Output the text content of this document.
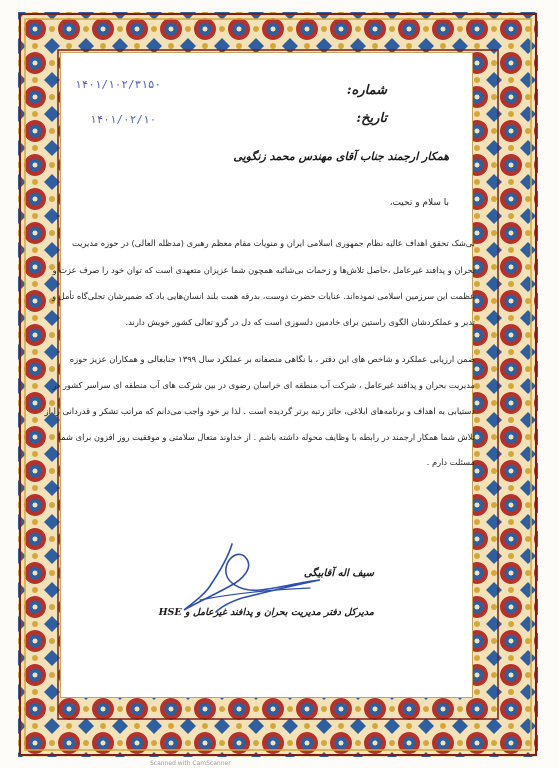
شماره:
۱۴۰۱/۱۰۲/۳۱۵۰
تاریخ:
۱۴۰۱/۰۲/۱۰
همکار ارجمند جناب آقای مهندس محمد زنگویی
با سلام و تحیت،
بی‌شک تحقق اهداف عالیه نظام جمهوری اسلامی ایران و منویات مقام معظم رهبری (مدظله العالی) در حوزه مدیریت
بحران و پدافند غیرعامل ،حاصل تلاش‌ها و زحمات بی‌شائبه همچون شما عزیزان متعهدی است که توان خود را صرف عزت و
عظمت این سرزمین اسلامی نموده‌اند. عنایات حضرت دوست، بدرقه همت بلند انسان‌هایی باد که ضمیرشان تجلی‌گاه تأمل و
تدبر و عملکردشان الگوی راستین برای خادمین دلسوزی است که دل در گرو تعالی کشور خویش دارند.
ضمن ارزیابی عملکرد و شاخص های این دفتر ، با نگاهی منصفانه بر عملکرد سال ۱۳۹۹ جنابعالی و همکاران عزیز حوزه
مدیریت بحران و پدافند غیرعامل ، شرکت آب منطقه ای خراسان رضوی در بین شرکت های آب منطقه ای سراسر کشور در
دستیابی به اهداف و برنامه‌های ابلاغی، حائز رتبه برتر گردیده است . لذا بر خود واجب می‌دانم که مراتب تشکر و قدردانی را از
تلاش شما همکار ارجمند در رابطه با وظایف محوله داشته باشم . از خداوند متعال سلامتی و موفقیت روز افزون برای شما
مسئلت دارم .
سیف اله آقابیگی
مدیرکل دفتر مدیریت بحران و پدافند غیرعامل و HSE
Scanned with CamScanner
